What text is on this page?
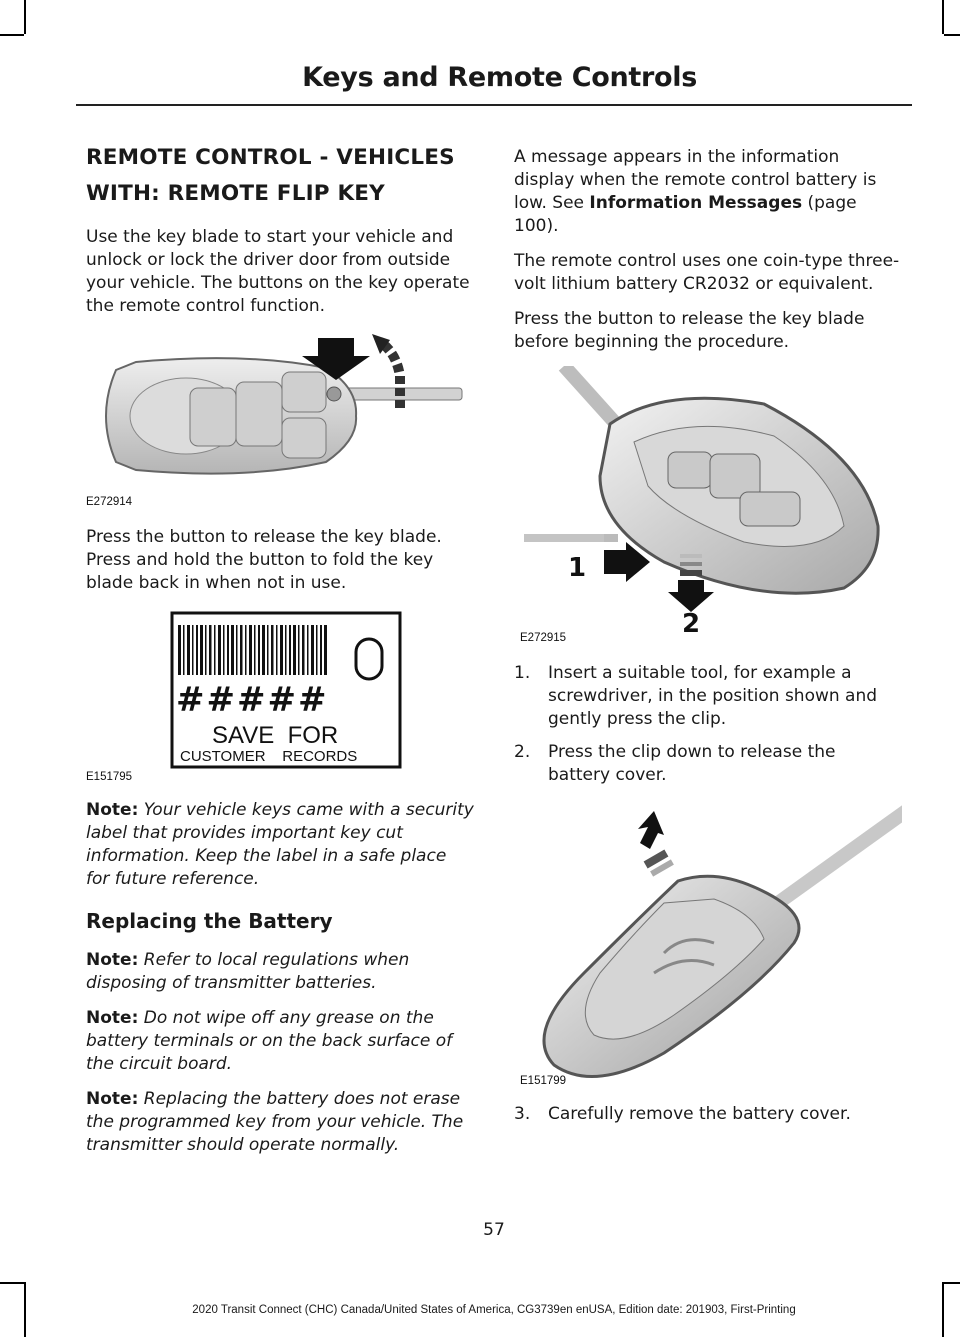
Keys and Remote Controls
REMOTE CONTROL - VEHICLES
WITH: REMOTE FLIP KEY

Use the key blade to start your vehicle and unlock or lock the driver door from outside your vehicle. The buttons on the key operate the remote control function.

E272914

Press the button to release the key blade. Press and hold the button to fold the key blade back in when not in use.

#####
SAVE  FOR
CUSTOMER    RECORDS
E151795

Note: Your vehicle keys came with a security label that provides important key cut information. Keep the label in a safe place for future reference.

Replacing the Battery

Note: Refer to local regulations when disposing of transmitter batteries.

Note: Do not wipe off any grease on the battery terminals or on the back surface of the circuit board.

Note: Replacing the battery does not erase the programmed key from your vehicle. The transmitter should operate normally.

A message appears in the information display when the remote control battery is low. See Information Messages (page 100).

The remote control uses one coin-type three-volt lithium battery CR2032 or equivalent.

Press the button to release the key blade before beginning the procedure.

1
2
E272915
1. Insert a suitable tool, for example a screwdriver, in the position shown and gently press the clip.
2. Press the clip down to release the battery cover.
E151799
3. Carefully remove the battery cover.
57
2020 Transit Connect (CHC) Canada/United States of America, CG3739en enUSA, Edition date: 201903, First-Printing
